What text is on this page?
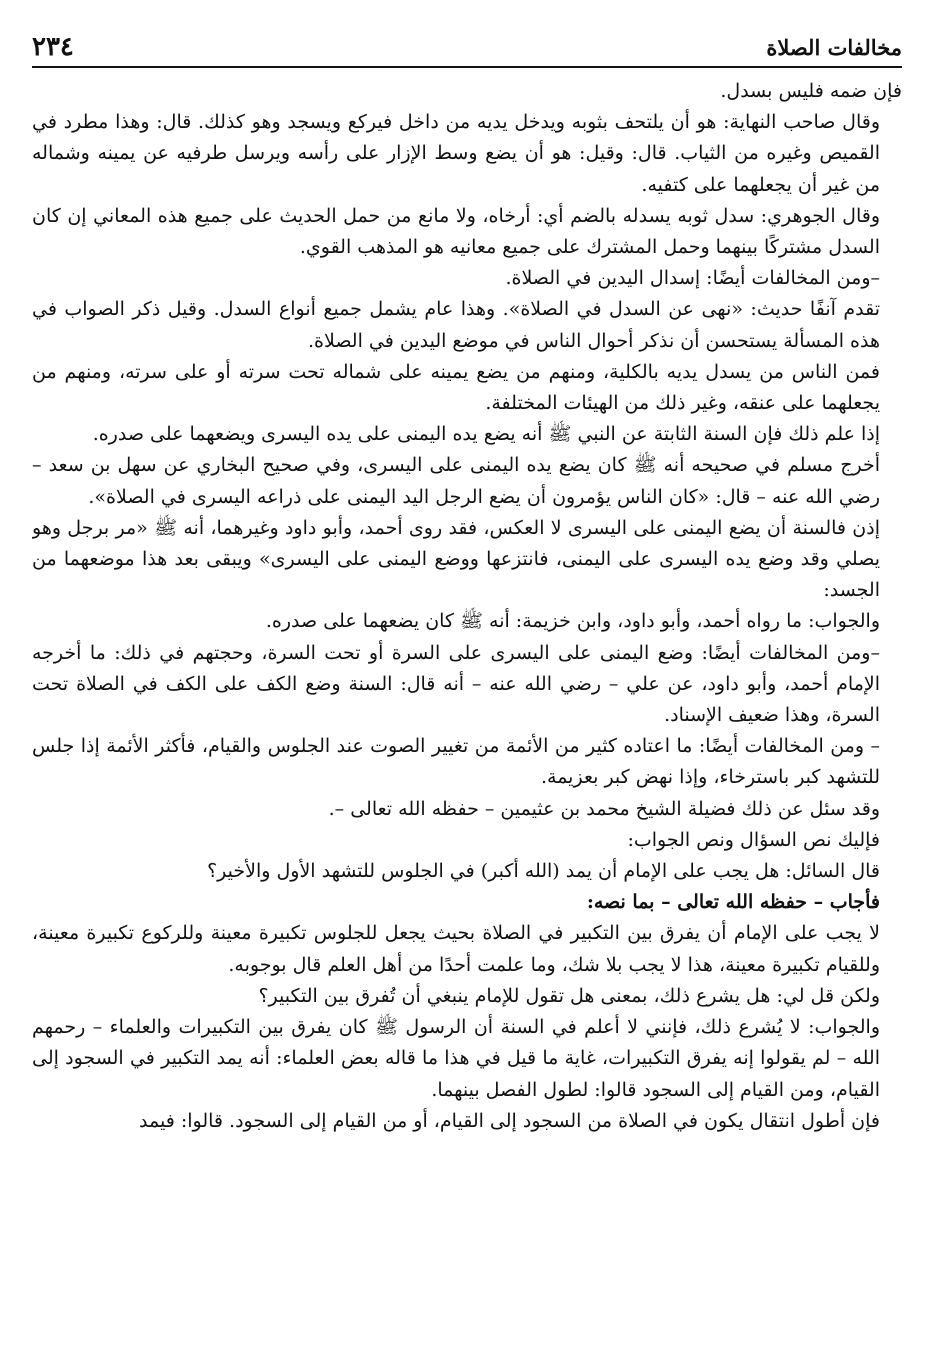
مخالفات الصلاة
٢٣٤

فإن ضمه فليس بسدل.

وقال صاحب النهاية: هو أن يلتحف بثوبه ويدخل يديه من داخل فيركع ويسجد وهو كذلك. قال: وهذا مطرد في القميص وغيره من الثياب. قال: وقيل: هو أن يضع وسط الإزار على رأسه ويرسل طرفيه عن يمينه وشماله من غير أن يجعلهما على كتفيه.

وقال الجوهري: سدل ثوبه يسدله بالضم أي: أرخاه، ولا مانع من حمل الحديث على جميع هذه المعاني إن كان السدل مشتركًا بينهما وحمل المشترك على جميع معانيه هو المذهب القوي.

–ومن المخالفات أيضًا: إسدال اليدين في الصلاة.

تقدم آنفًا حديث: «نهى عن السدل في الصلاة». وهذا عام يشمل جميع أنواع السدل. وقيل ذكر الصواب في هذه المسألة يستحسن أن نذكر أحوال الناس في موضع اليدين في الصلاة.

فمن الناس من يسدل يديه بالكلية، ومنهم من يضع يمينه على شماله تحت سرته أو على سرته، ومنهم من يجعلهما على عنقه، وغير ذلك من الهيئات المختلفة.

إذا علم ذلك فإن السنة الثابتة عن النبي ﷺ أنه يضع يده اليمنى على يده اليسرى ويضعهما على صدره.

أخرج مسلم في صحيحه أنه ﷺ كان يضع يده اليمنى على اليسرى، وفي صحيح البخاري عن سهل بن سعد – رضي الله عنه – قال: «كان الناس يؤمرون أن يضع الرجل اليد اليمنى على ذراعه اليسرى في الصلاة».

إذن فالسنة أن يضع اليمنى على اليسرى لا العكس، فقد روى أحمد، وأبو داود وغيرهما، أنه ﷺ «مر برجل وهو يصلي وقد وضع يده اليسرى على اليمنى، فانتزعها ووضع اليمنى على اليسرى» ويبقى بعد هذا موضعهما من الجسد:

والجواب: ما رواه أحمد، وأبو داود، وابن خزيمة: أنه ﷺ كان يضعهما على صدره.

–ومن المخالفات أيضًا: وضع اليمنى على اليسرى على السرة أو تحت السرة، وحجتهم في ذلك: ما أخرجه الإمام أحمد، وأبو داود، عن علي – رضي الله عنه – أنه قال: السنة وضع الكف على الكف في الصلاة تحت السرة، وهذا ضعيف الإسناد.

– ومن المخالفات أيضًا: ما اعتاده كثير من الأئمة من تغيير الصوت عند الجلوس والقيام، فأكثر الأئمة إذا جلس للتشهد كبر باسترخاء، وإذا نهض كبر بعزيمة.

وقد سئل عن ذلك فضيلة الشيخ محمد بن عثيمين – حفظه الله تعالى –.

فإليك نص السؤال ونص الجواب:

قال السائل: هل يجب على الإمام أن يمد (الله أكبر) في الجلوس للتشهد الأول والأخير؟

فأجاب – حفظه الله تعالى – بما نصه:

لا يجب على الإمام أن يفرق بين التكبير في الصلاة بحيث يجعل للجلوس تكبيرة معينة وللركوع تكبيرة معينة، وللقيام تكبيرة معينة، هذا لا يجب بلا شك، وما علمت أحدًا من أهل العلم قال بوجوبه.

ولكن قل لي: هل يشرع ذلك، بمعنى هل تقول للإمام ينبغي أن تُفرق بين التكبير؟

والجواب: لا يُشرع ذلك، فإنني لا أعلم في السنة أن الرسول ﷺ كان يفرق بين التكبيرات والعلماء – رحمهم الله – لم يقولوا إنه يفرق التكبيرات، غاية ما قيل في هذا ما قاله بعض العلماء: أنه يمد التكبير في السجود إلى القيام، ومن القيام إلى السجود قالوا: لطول الفصل بينهما.

فإن أطول انتقال يكون في الصلاة من السجود إلى القيام، أو من القيام إلى السجود. قالوا: فيمد
